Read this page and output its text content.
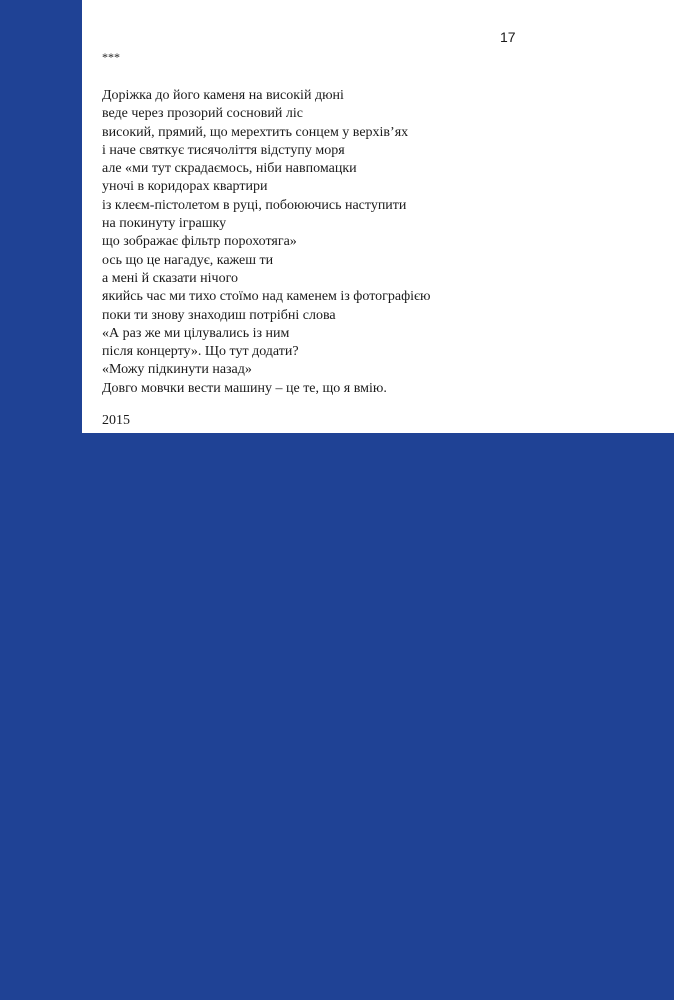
17
***
Доріжка до його каменя на високій дюні
веде через прозорий сосновий ліс
високий, прямий, що мерехтить сонцем у верхів’ях
і наче святкує тисячоліття відступу моря
але «ми тут скрадаємось, ніби навпомацки
уночі в коридорах квартири
із клеєм-пістолетом в руці, побоюючись наступити
на покинуту іграшку
що зображає фільтр порохотяга»
ось що це нагадує, кажеш ти
а мені й сказати нічого
якийсь час ми тихо стоїмо над каменем із фотографією
поки ти знову знаходиш потрібні слова
«А раз же ми цілувались із ним
після концерту». Що тут додати?
«Можу підкинути назад»
Довго мовчки вести машину – це те, що я вмію.
2015
